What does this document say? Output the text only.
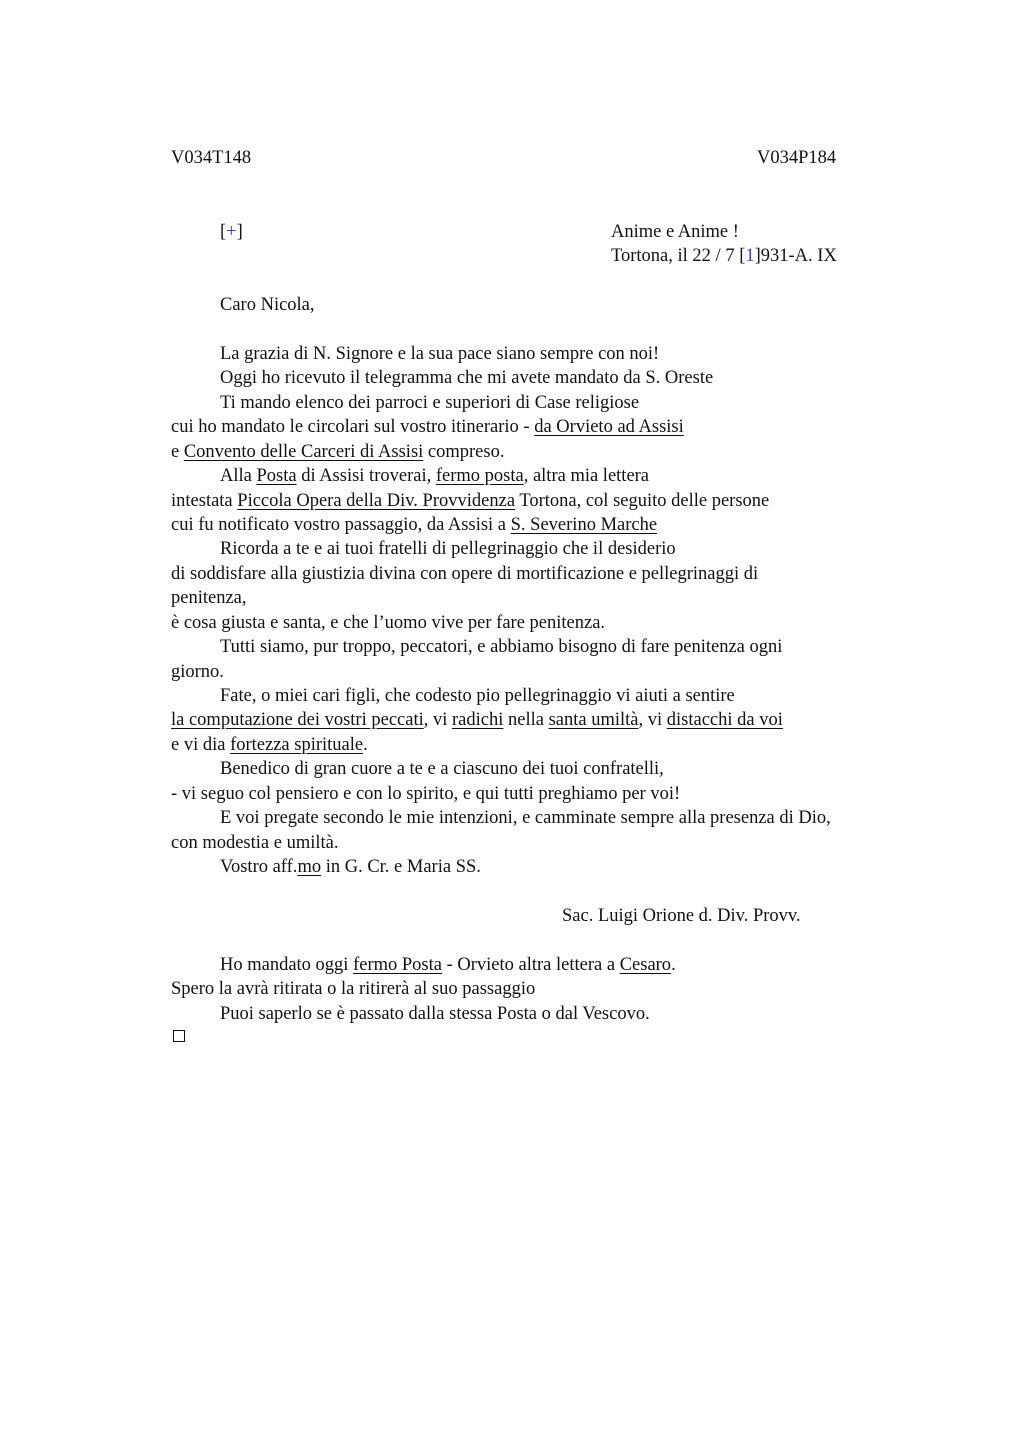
V034T148	V034P184
[+]	Anime e Anime !
Tortona, il 22 / 7 [1]931-A. IX
Caro Nicola,
La grazia di N. Signore e la sua pace siano sempre con noi!
Oggi ho ricevuto il telegramma che mi avete mandato da S. Oreste
Ti mando elenco dei parroci e superiori di Case religiose
cui ho mandato le circolari sul vostro itinerario - da Orvieto ad Assisi
e Convento delle Carceri di Assisi compreso.
Alla Posta di Assisi troverai, fermo posta, altra mia lettera
intestata Piccola Opera della Div. Provvidenza Tortona, col seguito delle persone
cui fu notificato vostro passaggio, da Assisi a S. Severino Marche
Ricorda a te e ai tuoi fratelli di pellegrinaggio che il desiderio
di soddisfare alla giustizia divina con opere di mortificazione e pellegrinaggi di
penitenza,
è cosa giusta e santa, e che l’uomo vive per fare penitenza.
Tutti siamo, pur troppo, peccatori, e abbiamo bisogno di fare penitenza ogni
giorno.
Fate, o miei cari figli, che codesto pio pellegrinaggio vi aiuti a sentire
la computazione dei vostri peccati, vi radichi nella santa umiltà, vi distacchi da voi
e vi dia fortezza spirituale.
Benedico di gran cuore a te e a ciascuno dei tuoi confratelli,
- vi seguo col pensiero e con lo spirito, e qui tutti preghiamo per voi!
E voi pregate secondo le mie intenzioni, e camminate sempre alla presenza di Dio,
con modestia e umiltà.
Vostro aff.mo in G. Cr. e Maria SS.
Sac. Luigi Orione d. Div. Provv.
Ho mandato oggi fermo Posta - Orvieto altra lettera a Cesaro.
Spero la avrà ritirata o la ritirerà al suo passaggio
Puoi saperlo se è passato dalla stessa Posta o dal Vescovo.
